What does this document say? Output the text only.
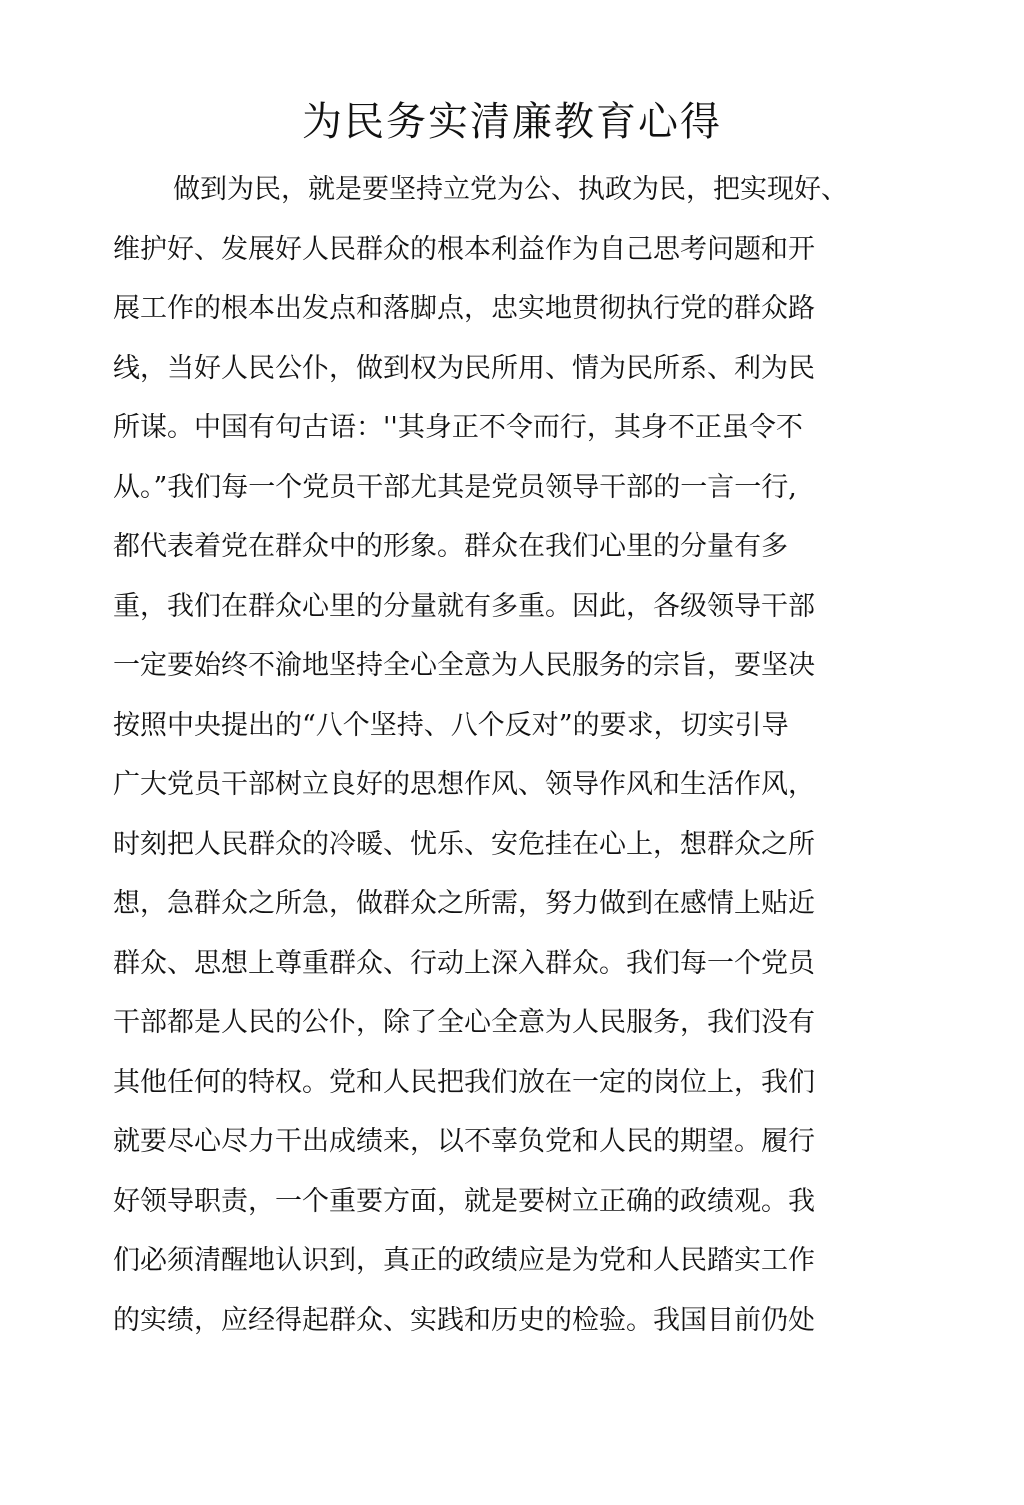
为民务实清廉教育心得
做到为民，就是要坚持立党为公、执政为民，把实现好、
维护好、发展好人民群众的根本利益作为自己思考问题和开
展工作的根本出发点和落脚点，忠实地贯彻执行党的群众路
线，当好人民公仆，做到权为民所用、情为民所系、利为民
所谋。中国有句古语：''其身正不令而行，其身不正虽令不
从。”我们每一个党员干部尤其是党员领导干部的一言一行,
都代表着党在群众中的形象。群众在我们心里的分量有多
重，我们在群众心里的分量就有多重。因此，各级领导干部
一定要始终不渝地坚持全心全意为人民服务的宗旨，要坚决
按照中央提出的“八个坚持、八个反对”的要求，切实引导
广大党员干部树立良好的思想作风、领导作风和生活作风，
时刻把人民群众的冷暖、忧乐、安危挂在心上，想群众之所
想，急群众之所急，做群众之所需，努力做到在感情上贴近
群众、思想上尊重群众、行动上深入群众。我们每一个党员
干部都是人民的公仆，除了全心全意为人民服务，我们没有
其他任何的特权。党和人民把我们放在一定的岗位上，我们
就要尽心尽力干出成绩来，以不辜负党和人民的期望。履行
好领导职责，一个重要方面，就是要树立正确的政绩观。我
们必须清醒地认识到，真正的政绩应是为党和人民踏实工作
的实绩，应经得起群众、实践和历史的检验。我国目前仍处
